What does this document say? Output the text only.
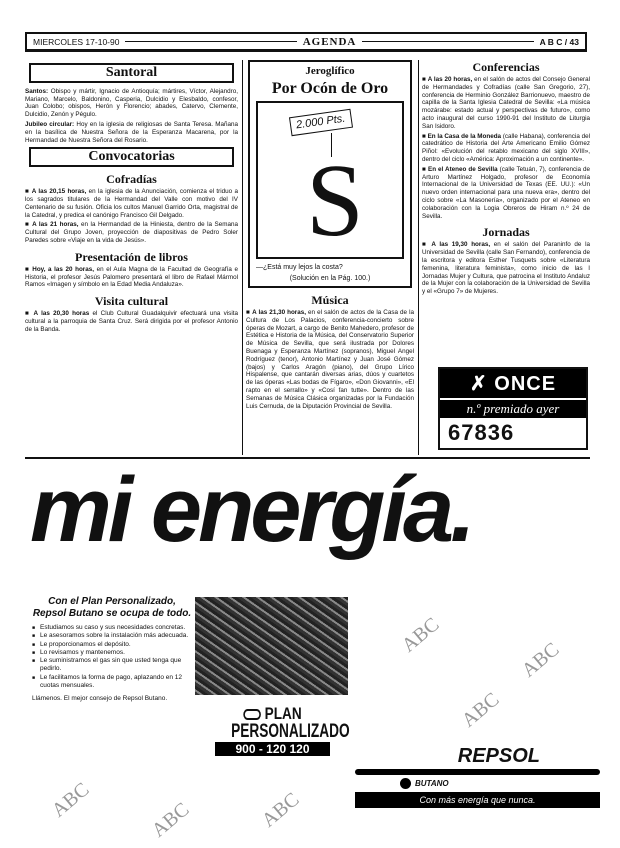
MIERCOLES 17-10-90	AGENDA	A B C / 43
Santoral

Santos: Obispo y mártir, Ignacio de Antioquía; mártires, Víctor, Alejandro, Mariano, Marcelo, Baldonino, Casperia, Dulcidio y Elesbaldo, confesor, Juan Colobo; obispos, Herón y Florencio; abades, Catervo, Clemente, Dulcidio, Zenón y Pégulo.

Jubileo circular: Hoy en la iglesia de religiosas de Santa Teresa. Mañana en la basílica de Nuestra Señora de la Esperanza Macarena, por la Hermandad de Nuestra Señora del Rosario.

Convocatorias
Cofradías

■ A las 20,15 horas, en la iglesia de la Anunciación, comienza el triduo a los sagrados titulares de la Hermandad del Valle con motivo del IV Centenario de su fusión. Oficia los cultos Manuel Garrido Orta, magistral de la Catedral, y predica el canónigo Francisco Gil Delgado.

■ A las 21 horas, en la Hermandad de la Hiniesta, dentro de la Semana Cultural del Grupo Joven, proyección de diapositivas de Pedro Soler Paredes sobre «Viaje en la vida de Jesús».

Presentación de libros

■ Hoy, a las 20 horas, en el Aula Magna de la Facultad de Geografía e Historia, el profesor Jesús Palomero presentará el libro de Rafael Mármol Ramos «Imagen y símbolo en la Edad Media Andaluza».

Visita cultural

■ A las 20,30 horas el Club Cultural Guadalquivir efectuará una visita cultural a la parroquia de Santa Cruz. Será dirigida por el profesor Antonio de la Banda.

Jeroglífico
Por Ocón de Oro
2.000 Pts.
S
—¿Está muy lejos la costa?
(Solución en la Pág. 100.)
Música

■ A las 21,30 horas, en el salón de actos de la Casa de la Cultura de Los Palacios, conferencia-concierto sobre óperas de Mozart, a cargo de Benito Mahedero, profesor de Estética e Historia de la Música, del Conservatorio Superior de Música de Sevilla, que será ilustrada por Dolores Buenaga y Esperanza Martínez (sopranos), Miguel Angel Rodríguez (tenor), Antonio Martínez y Juan José Gómez (bajos) y Carlos Aragón (piano), del Grupo Lírico Hispalense, que cantarán diversas arias, dúos y cuartetos de las óperas «Las bodas de Fígaro», «Don Giovanni», «El rapto en el serrallo» y «Cosí fan tutte». Dentro de las Semanas de Música Clásica organizadas por la Fundación Luis Cernuda, de la Diputación Provincial de Sevilla.

Conferencias

■ A las 20 horas, en el salón de actos del Consejo General de Hermandades y Cofradías (calle San Gregorio, 27), conferencia de Herminio González Barrionuevo, maestro de capilla de la Santa Iglesia Catedral de Sevilla: «La música mozárabe: estado actual y perspectivas de futuro», como acto inaugural del curso 1990-91 del Instituto de Liturgia San Isidoro.

■ En la Casa de la Moneda (calle Habana), conferencia del catedrático de Historia del Arte Americano Emilio Gómez Piñol: «Evolución del retablo mexicano del siglo XVIII», dentro del ciclo «América: Aproximación a un continente».

■ En el Ateneo de Sevilla (calle Tetuán, 7), conferencia de Arturo Martínez Holgado, profesor de Economía Internacional de la Universidad de Texas (EE. UU.): «Un nuevo orden internacional para una nueva era», dentro del ciclo sobre «La Masonería», organizado por el Ateneo en colaboración con la Logia Obreros de Hiram n.º 24 de Sevilla.

Jornadas

■ A las 19,30 horas, en el salón del Paraninfo de la Universidad de Sevilla (calle San Fernando), conferencia de la escritora y editora Esther Tusquets sobre «Literatura femenina, literatura feminista», como inicio de las I Jornadas Mujer y Cultura, que patrocina el Instituto Andaluz de la Mujer con la colaboración de la Universidad de Sevilla y el «Grupo 7» de Mujeres.

✗ ONCE
n.º premiado ayer
67836
mi energía.
Con el Plan Personalizado,
Repsol Butano se ocupa de todo.
■ Estudiamos su caso y sus necesidades concretas.
■ Le asesoramos sobre la instalación más adecuada.
■ Le proporcionamos el depósito.
■ Lo revisamos y mantenemos.
■ Le suministramos el gas sin que usted tenga que pedirlo.
■ Le facilitamos la forma de pago, aplazando en 12 cuotas mensuales.

Llámenos. El mejor consejo de Repsol Butano.

PLAN
PERSONALIZADO
900 - 120 120	REPSOL
BUTANO
Con más energía que nunca.
ABC
ABC
ABC
ABC	ABC	ABC
